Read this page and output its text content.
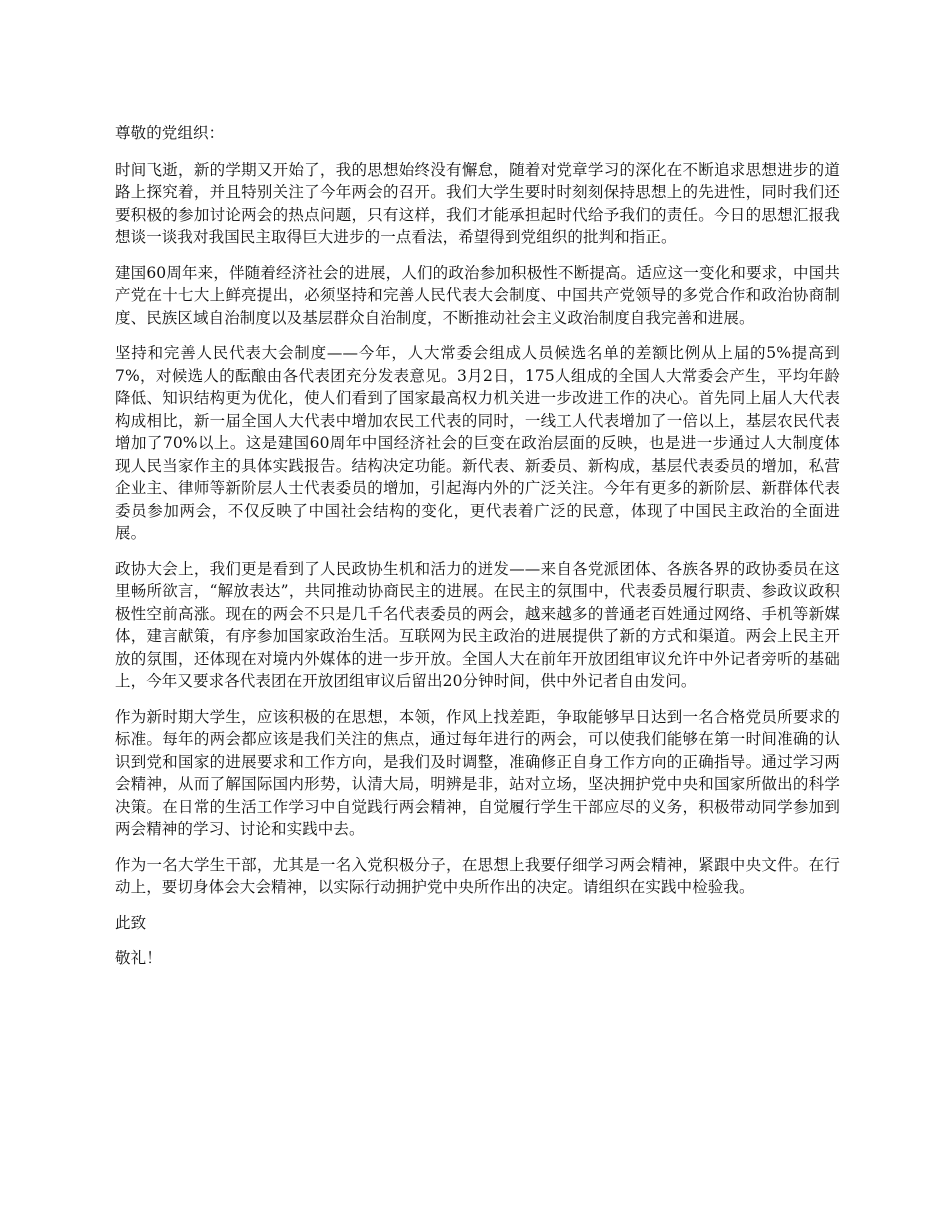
尊敬的党组织：

时间飞逝，新的学期又开始了，我的思想始终没有懈怠，随着对党章学习的深化在不断追求思想进步的道路上探究着，并且特别关注了今年两会的召开。我们大学生要时时刻刻保持思想上的先进性，同时我们还要积极的参加讨论两会的热点问题，只有这样，我们才能承担起时代给予我们的责任。今日的思想汇报我想谈一谈我对我国民主取得巨大进步的一点看法，希望得到党组织的批判和指正。

建国60周年来，伴随着经济社会的进展，人们的政治参加积极性不断提高。适应这一变化和要求，中国共产党在十七大上鲜亮提出，必须坚持和完善人民代表大会制度、中国共产党领导的多党合作和政治协商制度、民族区域自治制度以及基层群众自治制度，不断推动社会主义政治制度自我完善和进展。

坚持和完善人民代表大会制度——今年，人大常委会组成人员候选名单的差额比例从上届的5%提高到7%，对候选人的酝酿由各代表团充分发表意见。3月2日，175人组成的全国人大常委会产生，平均年龄降低、知识结构更为优化，使人们看到了国家最高权力机关进一步改进工作的决心。首先同上届人大代表构成相比，新一届全国人大代表中增加农民工代表的同时，一线工人代表增加了一倍以上，基层农民代表增加了70%以上。这是建国60周年中国经济社会的巨变在政治层面的反映，也是进一步通过人大制度体现人民当家作主的具体实践报告。结构决定功能。新代表、新委员、新构成，基层代表委员的增加，私营企业主、律师等新阶层人士代表委员的增加，引起海内外的广泛关注。今年有更多的新阶层、新群体代表委员参加两会，不仅反映了中国社会结构的变化，更代表着广泛的民意，体现了中国民主政治的全面进展。

政协大会上，我们更是看到了人民政协生机和活力的迸发——来自各党派团体、各族各界的政协委员在这里畅所欲言，“解放表达”，共同推动协商民主的进展。在民主的氛围中，代表委员履行职责、参政议政积极性空前高涨。现在的两会不只是几千名代表委员的两会，越来越多的普通老百姓通过网络、手机等新媒体，建言献策，有序参加国家政治生活。互联网为民主政治的进展提供了新的方式和渠道。两会上民主开放的氛围，还体现在对境内外媒体的进一步开放。全国人大在前年开放团组审议允许中外记者旁听的基础上，今年又要求各代表团在开放团组审议后留出20分钟时间，供中外记者自由发问。

作为新时期大学生，应该积极的在思想，本领，作风上找差距，争取能够早日达到一名合格党员所要求的标准。每年的两会都应该是我们关注的焦点，通过每年进行的两会，可以使我们能够在第一时间准确的认识到党和国家的进展要求和工作方向，是我们及时调整，准确修正自身工作方向的正确指导。通过学习两会精神，从而了解国际国内形势，认清大局，明辨是非，站对立场，坚决拥护党中央和国家所做出的科学决策。在日常的生活工作学习中自觉践行两会精神，自觉履行学生干部应尽的义务，积极带动同学参加到两会精神的学习、讨论和实践中去。

作为一名大学生干部，尤其是一名入党积极分子，在思想上我要仔细学习两会精神，紧跟中央文件。在行动上，要切身体会大会精神，以实际行动拥护党中央所作出的决定。请组织在实践中检验我。

此致

敬礼！
